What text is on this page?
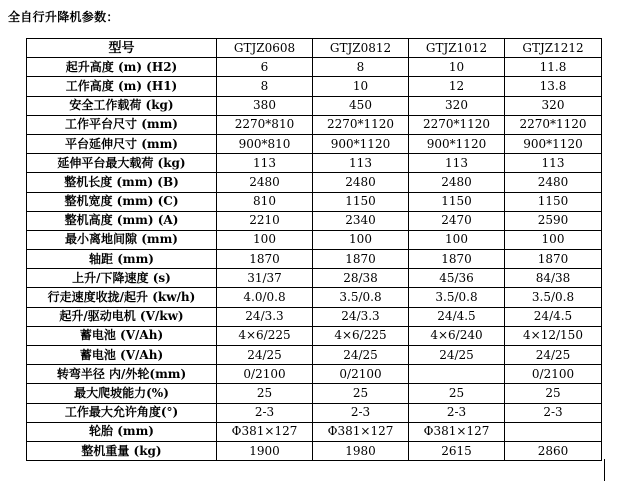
全自行升降机参数：
型号	GTJZ0608	GTJZ0812	GTJZ1012	GTJZ1212
起升高度 (m) (H2)	6	8	10	11.8
工作高度 (m) (H1)	8	10	12	13.8
安全工作载荷 (kg)	380	450	320	320
工作平台尺寸 (mm)	2270*810	2270*1120	2270*1120	2270*1120
平台延伸尺寸 (mm)	900*810	900*1120	900*1120	900*1120
延伸平台最大载荷 (kg)	113	113	113	113
整机长度 (mm) (B)	2480	2480	2480	2480
整机宽度 (mm) (C)	810	1150	1150	1150
整机高度 (mm) (A)	2210	2340	2470	2590
最小离地间隙 (mm)	100	100	100	100
轴距 (mm)	1870	1870	1870	1870
上升/下降速度 (s)	31/37	28/38	45/36	84/38
行走速度收拢/起升 (kw/h)	4.0/0.8	3.5/0.8	3.5/0.8	3.5/0.8
起升/驱动电机 (V/kw)	24/3.3	24/3.3	24/4.5	24/4.5
蓄电池 (V/Ah)	4×6/225	4×6/225	4×6/240	4×12/150
蓄电池 (V/Ah)	24/25	24/25	24/25	24/25
转弯半径 内/外轮(mm)	0/2100	0/2100		0/2100
最大爬坡能力(%)	25	25	25	25
工作最大允许角度(°)	2-3	2-3	2-3	2-3
轮胎 (mm)	Φ381×127	Φ381×127	Φ381×127	
整机重量 (kg)	1900	1980	2615	2860
